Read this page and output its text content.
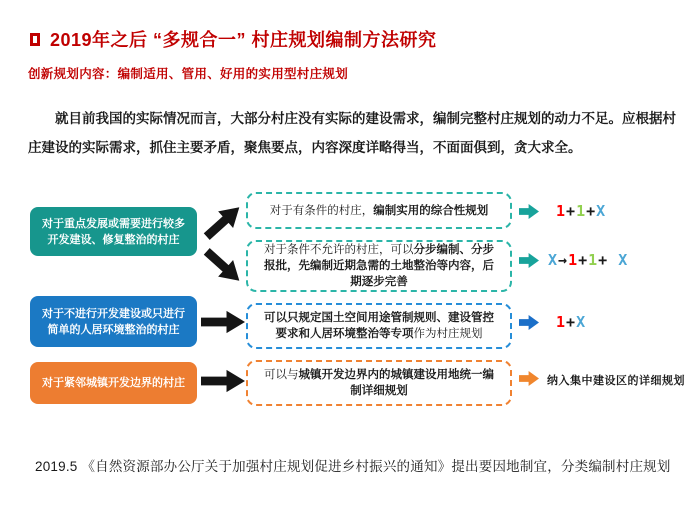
2019年之后 “多规合一” 村庄规划编制方法研究
创新规划内容：编制适用、管用、好用的实用型村庄规划
就目前我国的实际情况而言，大部分村庄没有实际的建设需求，编制完整村庄规划的动力不足。应根据村庄建设的实际需求，抓住主要矛盾，聚焦要点，内容深度详略得当，不面面俱到，贪大求全。
对于重点发展或需要进行较多开发建设、修复整治的村庄
对于不进行开发建设或只进行简单的人居环境整治的村庄
对于紧邻城镇开发边界的村庄
对于有条件的村庄，编制实用的综合性规划
对于条件不允许的村庄，可以分步编制、分步报批，先编制近期急需的土地整治等内容，后期逐步完善
可以只规定国土空间用途管制规则、建设管控要求和人居环境整治等专项作为村庄规划
可以与城镇开发边界内的城镇建设用地统一编制详细规划
1+1+X
X→1+1+ X
1+X
纳入集中建设区的详细规划
2019.5 《自然资源部办公厅关于加强村庄规划促进乡村振兴的通知》提出要因地制宜，分类编制村庄规划
